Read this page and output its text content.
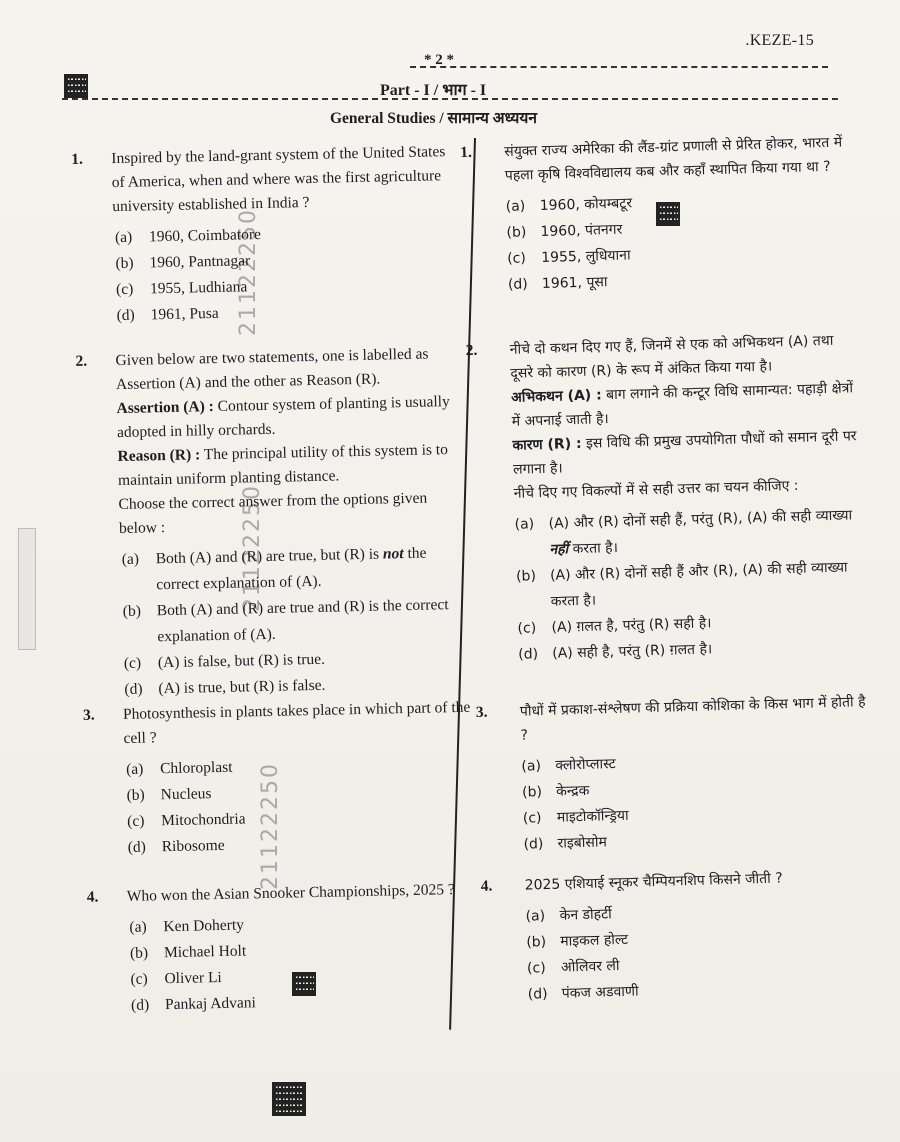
.KEZE-15
* 2 *
Part - I / भाग - I
General Studies / सामान्य अध्ययन
21122250
21122250
21122250
1. Inspired by the land-grant system of the United States of America, when and where was the first agriculture university established in India ?
(a)	1960, Coimbatore
(b)	1960, Pantnagar
(c)	1955, Ludhiana
(d)	1961, Pusa
2. Given below are two statements, one is labelled as Assertion (A) and the other as Reason (R).
Assertion (A) : Contour system of planting is usually adopted in hilly orchards.
Reason (R) : The principal utility of this system is to maintain uniform planting distance.
Choose the correct answer from the options given below :
(a)	Both (A) and (R) are true, but (R) is not the correct explanation of (A).
(b)	Both (A) and (R) are true and (R) is the correct explanation of (A).
(c)	(A) is false, but (R) is true.
(d)	(A) is true, but (R) is false.
3. Photosynthesis in plants takes place in which part of the cell ?
(a)	Chloroplast
(b)	Nucleus
(c)	Mitochondria
(d)	Ribosome
4. Who won the Asian Snooker Championships, 2025 ?
(a)	Ken Doherty
(b)	Michael Holt
(c)	Oliver Li
(d)	Pankaj Advani
1. संयुक्त राज्य अमेरिका की लैंड-ग्रांट प्रणाली से प्रेरित होकर, भारत में पहला कृषि विश्वविद्यालय कब और कहाँ स्थापित किया गया था ?
(a)	1960, कोयम्बटूर
(b) 1960, पंतनगर
(c)	1955, लुधियाना
(d) 1961, पूसा
2. नीचे दो कथन दिए गए हैं, जिनमें से एक को अभिकथन (A) तथा दूसरे को कारण (R) के रूप में अंकित किया गया है।
अभिकथन (A) : बाग लगाने की कन्टूर विधि सामान्यत: पहाड़ी क्षेत्रों में अपनाई जाती है।
कारण (R) : इस विधि की प्रमुख उपयोगिता पौधों को समान दूरी पर लगाना है।
नीचे दिए गए विकल्पों में से सही उत्तर का चयन कीजिए :
(a)	(A) और (R) दोनों सही हैं, परंतु (R), (A) की सही व्याख्या नहीं करता है।
(b) (A) और (R) दोनों सही हैं और (R), (A) की सही व्याख्या करता है।
(c)	(A) ग़लत है, परंतु (R) सही है।
(d) (A) सही है, परंतु (R) ग़लत है।
3. पौधों में प्रकाश-संश्लेषण की प्रक्रिया कोशिका के किस भाग में होती है ?
(a)	क्लोरोप्लास्ट
(b) केन्द्रक
(c)	माइटोकॉन्ड्रिया
(d) राइबोसोम
4. 2025 एशियाई स्नूकर चैम्पियनशिप किसने जीती ?
(a)	केन डोहर्टी
(b) माइकल होल्ट
(c)	ओलिवर ली
(d) पंकज अडवाणी
